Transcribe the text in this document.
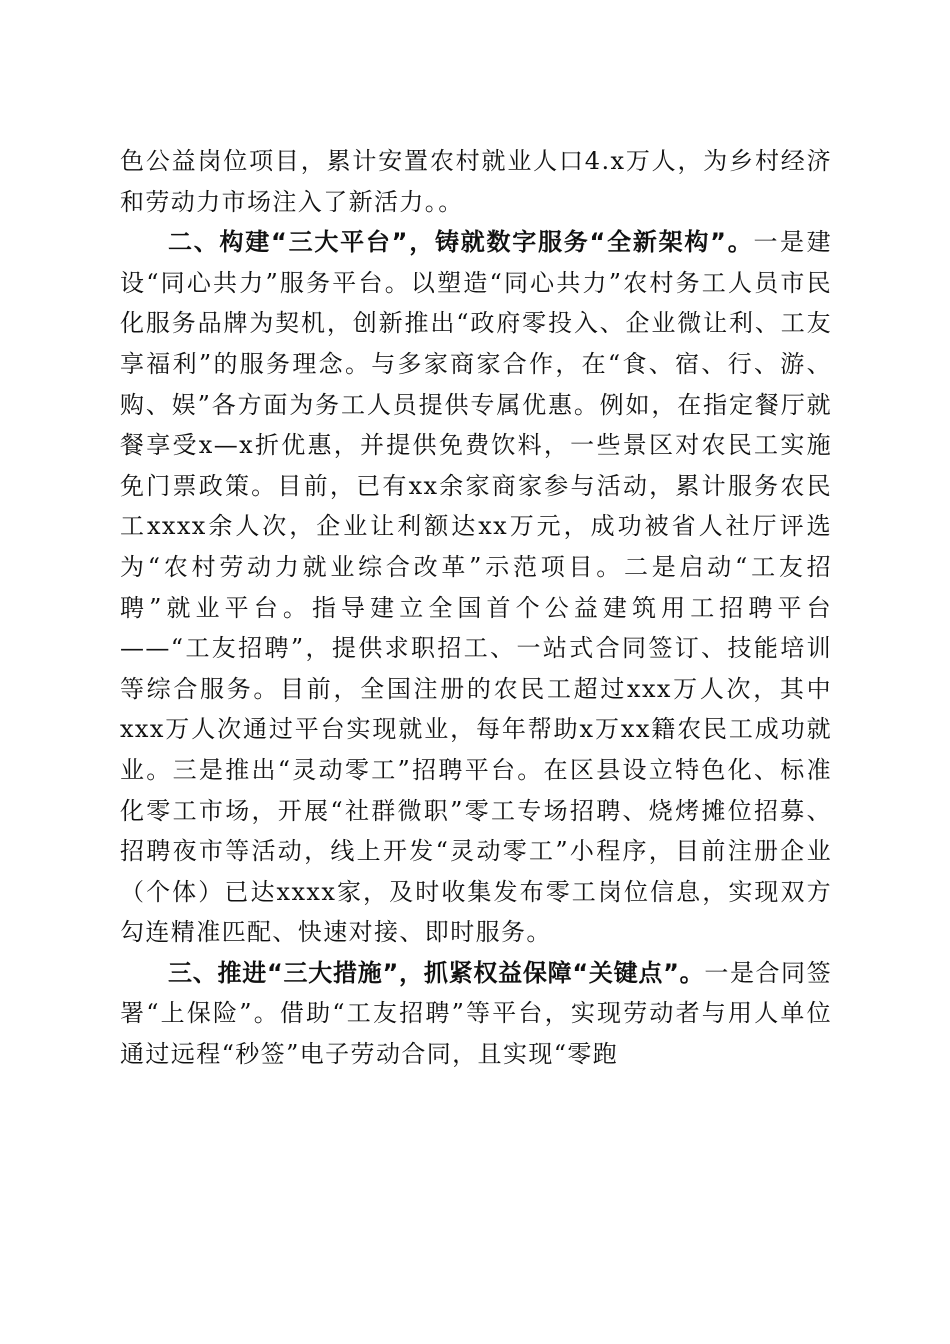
色公益岗位项目，累计安置农村就业人口4.x万人，为乡村经济和劳动力市场注入了新活力。。

二、构建“三大平台”，铸就数字服务“全新架构”。一是建设“同心共力”服务平台。以塑造“同心共力”农村务工人员市民化服务品牌为契机，创新推出“政府零投入、企业微让利、工友享福利”的服务理念。与多家商家合作，在“食、宿、行、游、购、娱”各方面为务工人员提供专属优惠。例如，在指定餐厅就餐享受x—x折优惠，并提供免费饮料，一些景区对农民工实施免门票政策。目前，已有xx余家商家参与活动，累计服务农民工xxxx余人次，企业让利额达xx万元，成功被省人社厅评选为“农村劳动力就业综合改革”示范项目。二是启动“工友招聘”就业平台。指导建立全国首个公益建筑用工招聘平台——“工友招聘”，提供求职招工、一站式合同签订、技能培训等综合服务。目前，全国注册的农民工超过xxx万人次，其中xxx万人次通过平台实现就业，每年帮助x万xx籍农民工成功就业。三是推出“灵动零工”招聘平台。在区县设立特色化、标准化零工市场，开展“社群微职”零工专场招聘、烧烤摊位招募、招聘夜市等活动，线上开发“灵动零工”小程序，目前注册企业（个体）已达xxxx家，及时收集发布零工岗位信息，实现双方勾连精准匹配、快速对接、即时服务。

三、推进“三大措施”，抓紧权益保障“关键点”。一是合同签署“上保险”。借助“工友招聘”等平台，实现劳动者与用人单位通过远程“秒签”电子劳动合同，且实现“零跑
